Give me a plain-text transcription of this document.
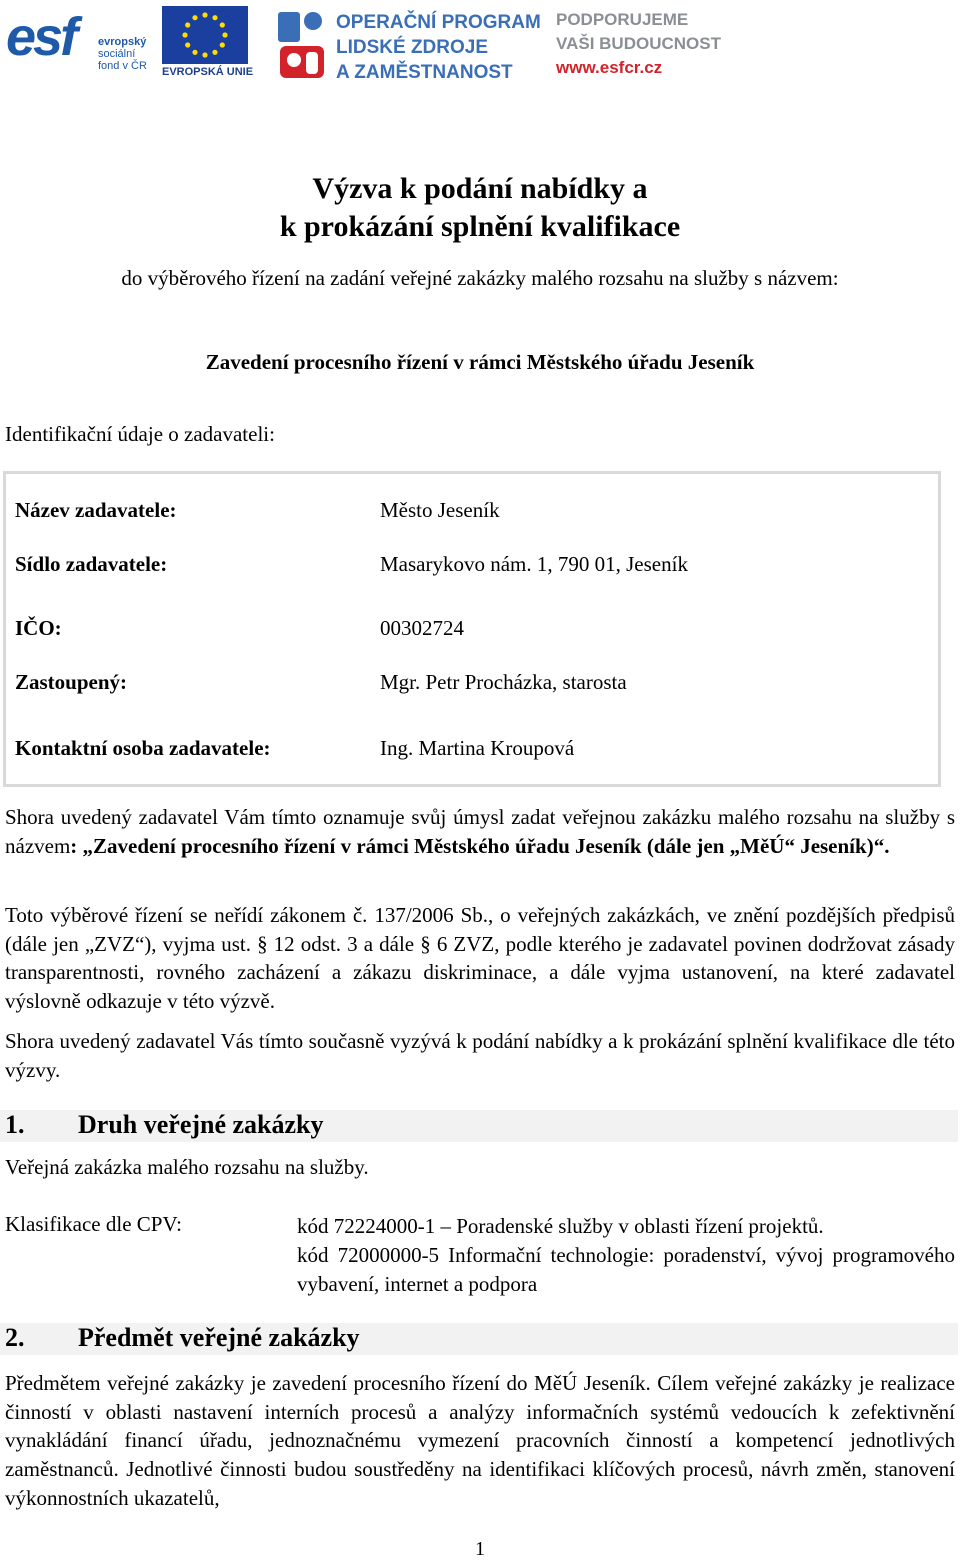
esf evropský
sociální
fond v ČR EVROPSKÁ UNIE
OPERAČNÍ PROGRAM
LIDSKÉ ZDROJE
A ZAMĚSTNANOST
PODPORUJEME
VAŠI BUDOUCNOST
www.esfcr.cz
Výzva k podání nabídky a
k prokázání splnění kvalifikace
do výběrového řízení na zadání veřejné zakázky malého rozsahu na služby s názvem:
Zavedení procesního řízení v rámci Městského úřadu Jeseník
Identifikační údaje o zadavateli:
Název zadavatele:	Město Jeseník
Sídlo zadavatele:	Masarykovo nám. 1, 790 01, Jeseník
IČO:	00302724
Zastoupený:	Mgr. Petr Procházka, starosta
Kontaktní osoba zadavatele:	Ing. Martina Kroupová
Shora uvedený zadavatel Vám tímto oznamuje svůj úmysl zadat veřejnou zakázku malého rozsahu na služby s názvem: „Zavedení procesního řízení v rámci Městského úřadu Jeseník (dále jen „MěÚ“ Jeseník)“.
Toto výběrové řízení se neřídí zákonem č. 137/2006 Sb., o veřejných zakázkách, ve znění pozdějších předpisů (dále jen „ZVZ“), vyjma ust. § 12 odst. 3 a dále § 6 ZVZ, podle kterého je zadavatel povinen dodržovat zásady transparentnosti, rovného zacházení a zákazu diskriminace, a dále vyjma ustanovení, na které zadavatel výslovně odkazuje v této výzvě.
Shora uvedený zadavatel Vás tímto současně vyzývá k podání nabídky a k prokázání splnění kvalifikace dle této výzvy.
1. Druh veřejné zakázky
Veřejná zakázka malého rozsahu na služby.
Klasifikace dle CPV:	kód 72224000-1 – Poradenské služby v oblasti řízení projektů.
kód 72000000-5 Informační technologie: poradenství, vývoj programového vybavení, internet a podpora
2. Předmět veřejné zakázky
Předmětem veřejné zakázky je zavedení procesního řízení do MěÚ Jeseník. Cílem veřejné zakázky je realizace činností v oblasti nastavení interních procesů a analýzy informačních systémů vedoucích k zefektivnění vynakládání financí úřadu, jednoznačnému vymezení pracovních činností a kompetencí jednotlivých zaměstnanců. Jednotlivé činnosti budou soustředěny na identifikaci klíčových procesů, návrh změn, stanovení výkonnostních ukazatelů,
1
